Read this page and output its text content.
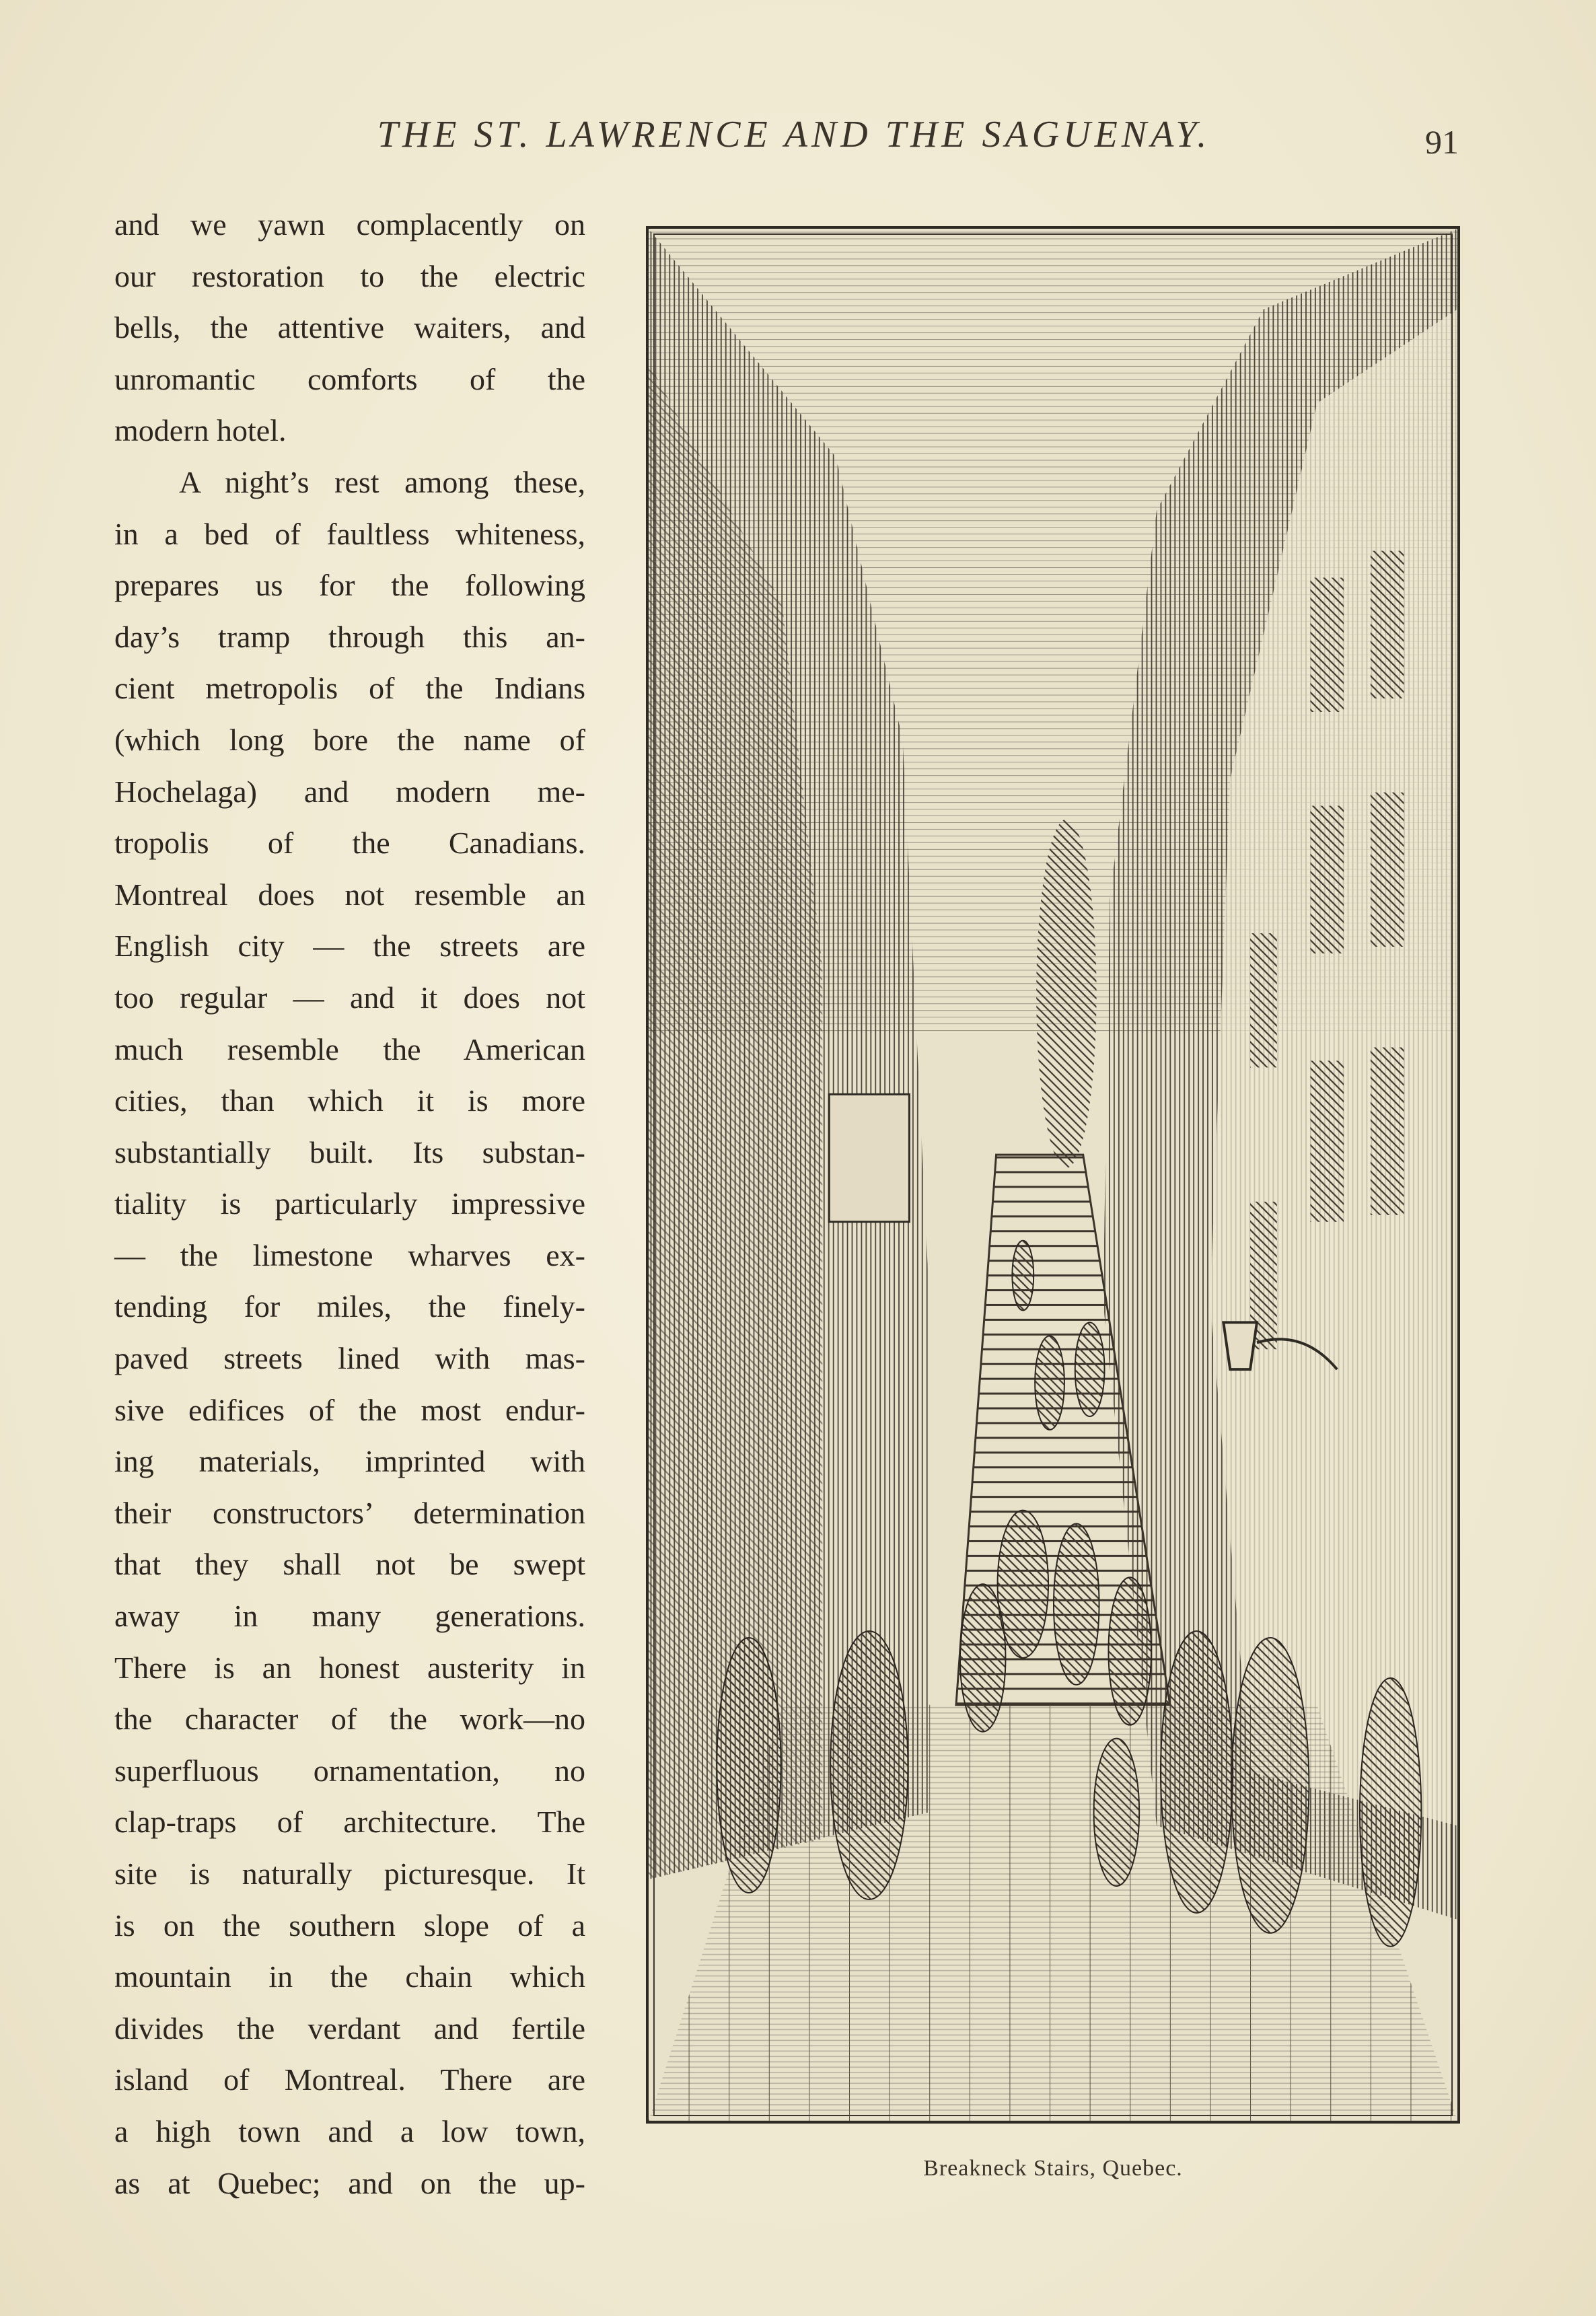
THE ST. LAWRENCE AND THE SAGUENAY.	91
and we yawn complacently on
our restoration to the electric
bells, the attentive waiters, and
unromantic comforts of the
modern hotel.
A night’s rest among these,
in a bed of faultless whiteness,
prepares us for the following
day’s tramp through this an-
cient metropolis of the Indians
(which long bore the name of
Hochelaga) and modern me-
tropolis of the Canadians.
Montreal does not resemble an
English city — the streets are
too regular — and it does not
much resemble the American
cities, than which it is more
substantially built. Its substan-
tiality is particularly impressive
— the limestone wharves ex-
tending for miles, the finely-
paved streets lined with mas-
sive edifices of the most endur-
ing materials, imprinted with
their constructors’ determination
that they shall not be swept
away in many generations.
There is an honest austerity in
the character of the work—no
superfluous ornamentation, no
clap-traps of architecture. The
site is naturally picturesque. It
is on the southern slope of a
mountain in the chain which
divides the verdant and fertile
island of Montreal. There are
a high town and a low town,
as at Quebec; and on the up-	Breakneck Stairs, Quebec.
